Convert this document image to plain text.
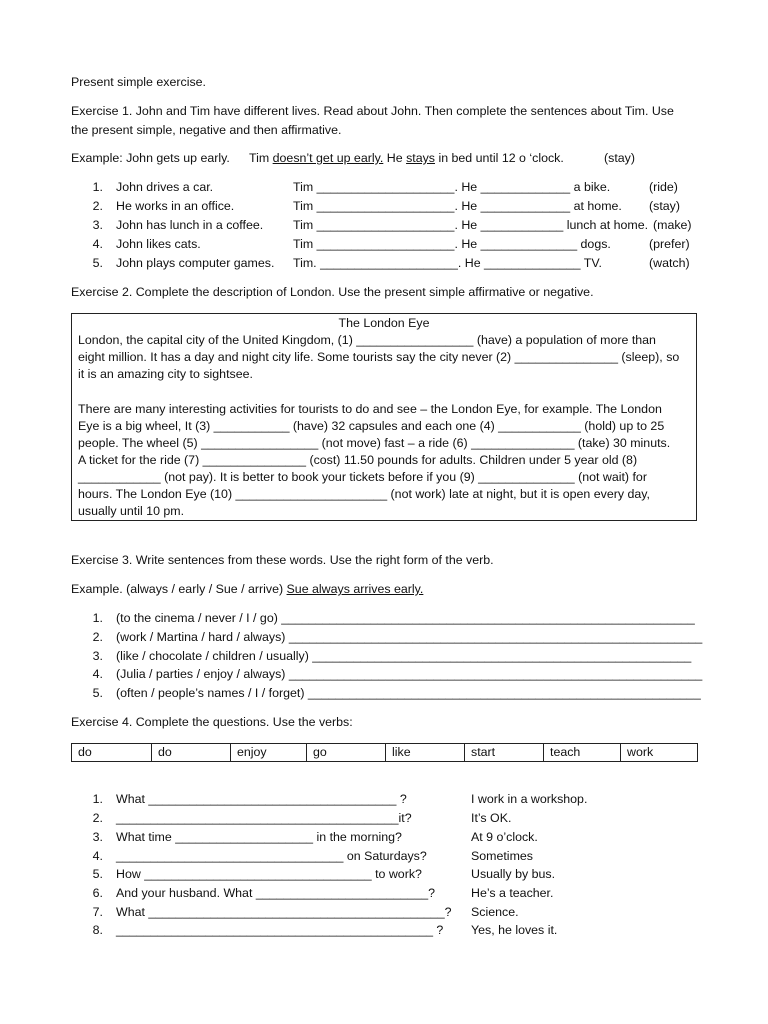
Present simple exercise.
Exercise 1. John and Tim have different lives. Read about John. Then complete the sentences about Tim. Use
the present simple, negative and then affirmative.
Example: John gets up early. Tim doesn’t get up early. He stays in bed until 12 o ‘clock.	(stay)
1. John drives a car.	Tim ____________________. He _____________ a bike.	(ride)
2. He works in an office.	Tim ____________________. He _____________ at home. (stay)
3. John has lunch in a coffee. Tim ____________________. He ____________ lunch at home. (make)
4. John likes cats.	Tim ____________________. He ______________ dogs.	(prefer)
5. John plays computer games. Tim. ____________________. He ______________ TV.	(watch)
Exercise 2. Complete the description of London. Use the present simple affirmative or negative.
The London Eye
London, the capital city of the United Kingdom, (1) _________________ (have) a population of more than
eight million. It has a day and night city life. Some tourists say the city never (2) _______________ (sleep), so
it is an amazing city to sightsee.
There are many interesting activities for tourists to do and see – the London Eye, for example. The London
Eye is a big wheel, It (3) ___________ (have) 32 capsules and each one (4) ____________ (hold) up to 25
people. The wheel (5) _________________ (not move) fast – a ride (6) _______________ (take) 30 minuts.
A ticket for the ride (7) _______________ (cost) 11.50 pounds for adults. Children under 5 year old (8)
____________ (not pay). It is better to book your tickets before if you (9) ______________ (not wait) for
hours. The London Eye (10) ______________________ (not work) late at night, but it is open every day,
usually until 10 pm.
Exercise 3. Write sentences from these words. Use the right form of the verb.
Example. (always / early / Sue / arrive) Sue always arrives early.
1. (to the cinema / never / I / go) ____________________________________________________________
2. (work / Martina / hard / always) ____________________________________________________________
3. (like / chocolate / children / usually) _______________________________________________________
4. (Julia / parties / enjoy / always) ____________________________________________________________
5. (often / people’s names / I / forget) _________________________________________________________
Exercise 4. Complete the questions. Use the verbs:
do	do	enjoy	go	like	start	teach	work
1. What ____________________________________ ?	I work in a workshop.
2. _________________________________________it?	It’s OK.
3. What time ____________________ in the morning?	At 9 o’clock.
4. _________________________________ on Saturdays?	Sometimes
5. How _________________________________ to work?	Usually by bus.
6. And your husband. What _________________________?	He’s a teacher.
7. What ___________________________________________? Science.
8. ______________________________________________ ? Yes, he loves it.
